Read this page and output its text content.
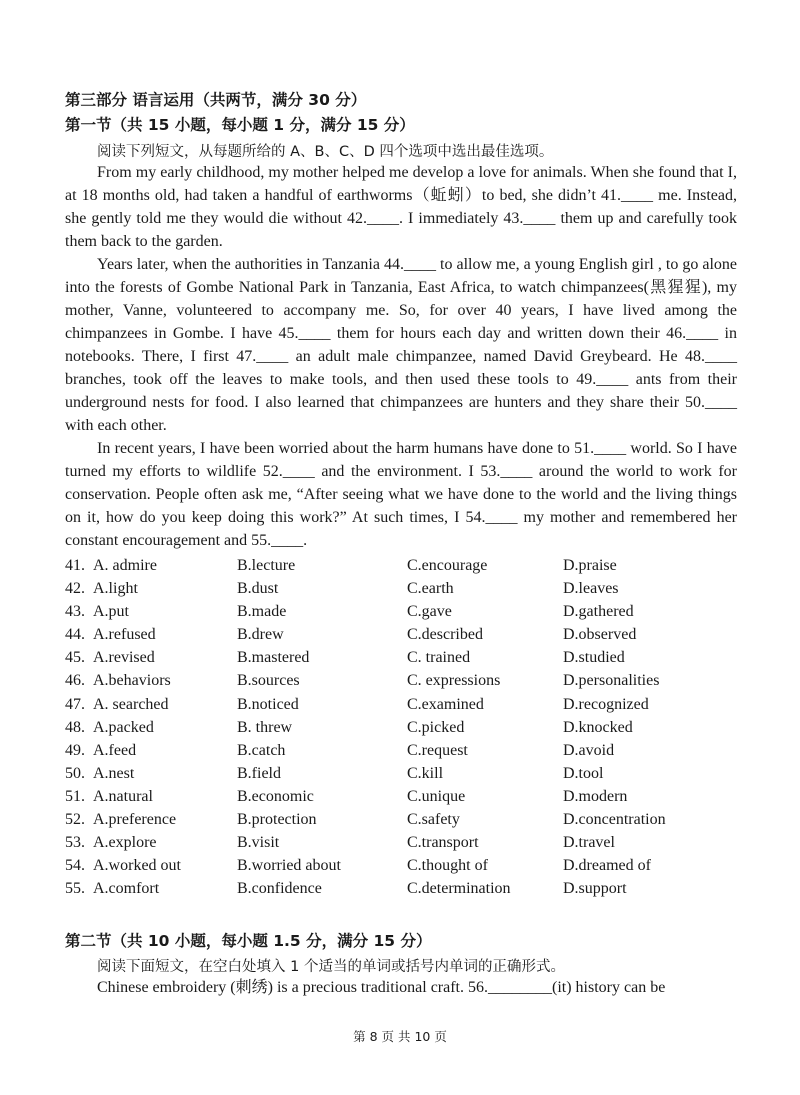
第三部分 语言运用（共两节，满分 30 分）
第一节（共 15 小题，每小题 1 分，满分 15 分）
阅读下列短文，从每题所给的 A、B、C、D 四个选项中选出最佳选项。

From my early childhood, my mother helped me develop a love for animals. When she found that I, at 18 months old, had taken a handful of earthworms（蚯蚓）to bed, she didn’t 41.____ me. Instead, she gently told me they would die without 42.____. I immediately 43.____ them up and carefully took them back to the garden.

Years later, when the authorities in Tanzania 44.____ to allow me, a young English girl , to go alone into the forests of Gombe National Park in Tanzania, East Africa, to watch chimpanzees(黑猩猩), my mother, Vanne, volunteered to accompany me. So, for over 40 years, I have lived among the chimpanzees in Gombe. I have 45.____ them for hours each day and written down their 46.____ in notebooks. There, I first 47.____ an adult male chimpanzee, named David Greybeard. He 48.____ branches, took off the leaves to make tools, and then used these tools to 49.____ ants from their underground nests for food. I also learned that chimpanzees are hunters and they share their 50.____ with each other.

In recent years, I have been worried about the harm humans have done to 51.____ world. So I have turned my efforts to wildlife 52.____ and the environment. I 53.____ around the world to work for conservation. People often ask me, “After seeing what we have done to the world and the living things on it, how do you keep doing this work?” At such times, I 54.____ my mother and remembered her constant encouragement and 55.____.

41. A. admire	B.lecture	C.encourage	D.praise
42. A.light	B.dust	C.earth	D.leaves
43. A.put	B.made	C.gave	D.gathered
44. A.refused	B.drew	C.described	D.observed
45. A.revised	B.mastered	C. trained	D.studied
46. A.behaviors	B.sources	C. expressions	D.personalities
47. A. searched	B.noticed	C.examined	D.recognized
48. A.packed	B. threw	C.picked	D.knocked
49. A.feed	B.catch	C.request	D.avoid
50. A.nest	B.field	C.kill	D.tool
51. A.natural	B.economic	C.unique	D.modern
52. A.preference	B.protection	C.safety	D.concentration
53. A.explore	B.visit	C.transport	D.travel
54. A.worked out	B.worried about	C.thought of	D.dreamed of
55. A.comfort	B.confidence	C.determination	D.support
第二节（共 10 小题，每小题 1.5 分，满分 15 分）
阅读下面短文，在空白处填入 1 个适当的单词或括号内单词的正确形式。

Chinese embroidery (刺绣) is a precious traditional craft. 56.________(it) history can be

第 8 页 共 10 页
